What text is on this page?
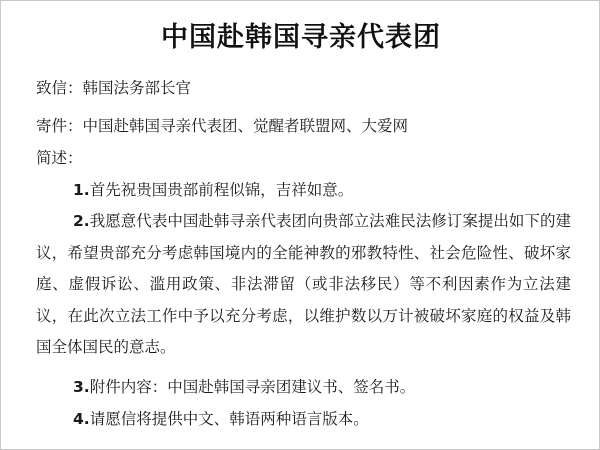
中国赴韩国寻亲代表团
致信：韩国法务部长官
寄件：中国赴韩国寻亲代表团、觉醒者联盟网、大爱网
简述：
1.首先祝贵国贵部前程似锦，吉祥如意。
2.我愿意代表中国赴韩寻亲代表团向贵部立法难民法修订案提出如下的建议，希望贵部充分考虑韩国境内的全能神教的邪教特性、社会危险性、破坏家庭、虚假诉讼、滥用政策、非法滞留（或非法移民）等不利因素作为立法建议，在此次立法工作中予以充分考虑，以维护数以万计被破坏家庭的权益及韩国全体国民的意志。
3.附件内容：中国赴韩国寻亲团建议书、签名书。
4.请愿信将提供中文、韩语两种语言版本。
